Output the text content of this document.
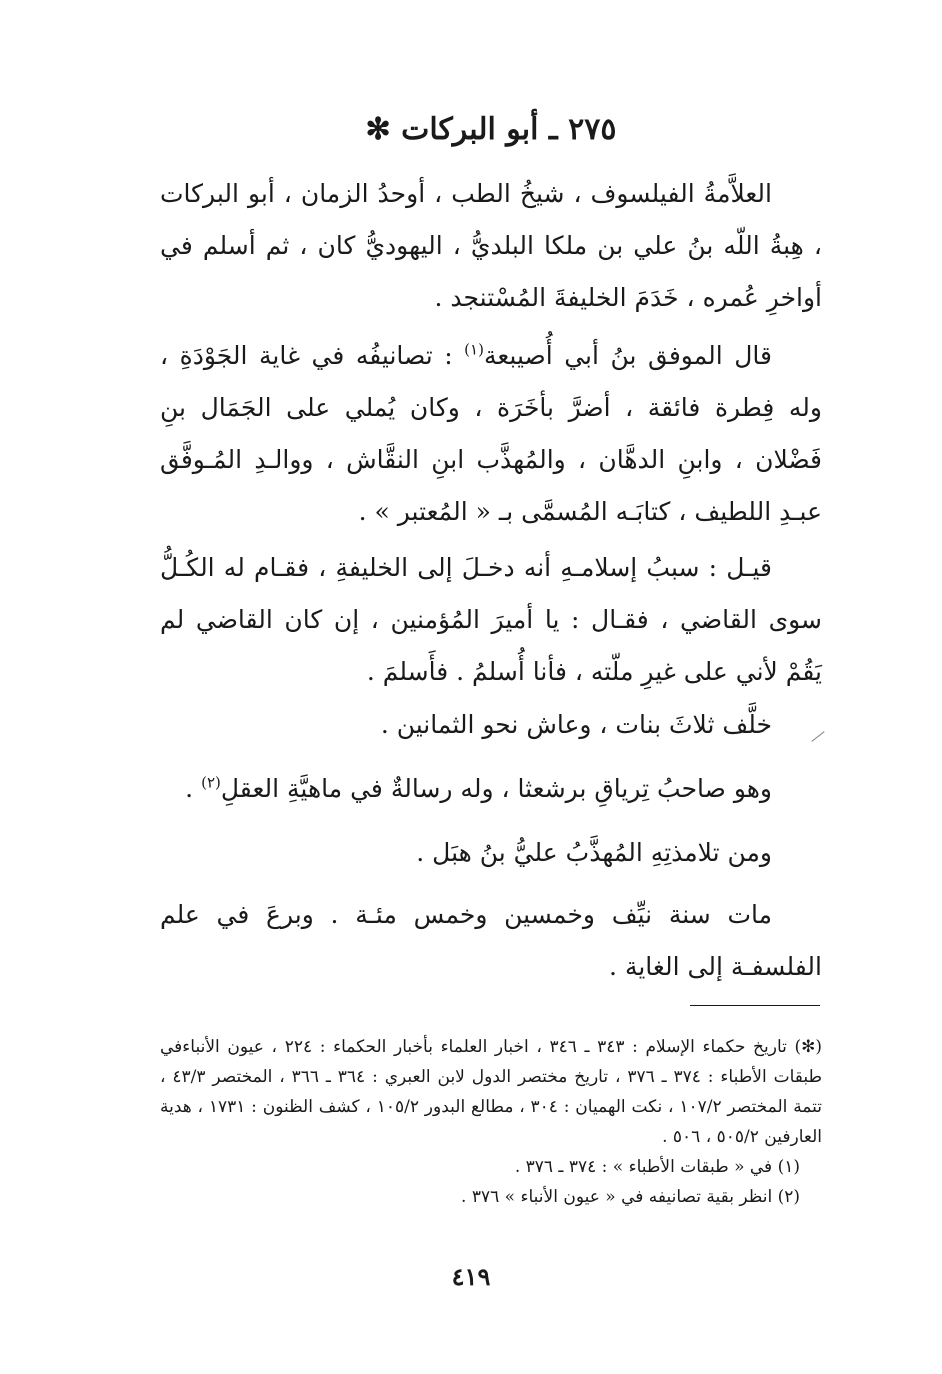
٢٧٥ ـ أبو البركات ✻

العلاَّمةُ الفيلسوف ، شيخُ الطب ، أوحدُ الزمان ، أبو البركات ، هِبةُ اللّه بنُ علي بن ملكا البلديُّ ، اليهوديُّ كان ، ثم أسلم في أواخرِ عُمره ، خَدَمَ الخليفةَ المُسْتنجد .

قال الموفق بنُ أبي أُصيبعة$^{(١)}$ : تصانيفُه في غاية الجَوْدَةِ ، وله فِطرة فائقة ، أضرَّ بأخَرَة ، وكان يُملي على الجَمَال بنِ فَضْلان ، وابنِ الدهَّان ، والمُهذَّب ابنِ النقَّاش ، ووالـدِ المُـوفَّق عبـدِ اللطيف ، كتابَـه المُسمَّى بـ « المُعتبر » .

قيـل : سببُ إسلامـهِ أنه دخـلَ إلى الخليفةِ ، فقـام له الكُـلُّ سوى القاضي ، فقـال : يا أميرَ المُؤمنين ، إن كان القاضي لم يَقُمْ لأني على غيرِ ملّته ، فأنا أُسلمُ . فأَسلمَ .

خلَّف ثلاثَ بنات ، وعاش نحو الثمانين .

وهو صاحبُ تِرياقِ برشعثا ، وله رسالةٌ في ماهيَّةِ العقلِ$^{(٢)}$ .

ومن تلامذتِهِ المُهذَّبُ عليُّ بنُ هبَل .

مات سنة نيِّف وخمسين وخمس مئـة . وبرعَ في علم الفلسفـة إلى الغاية .

(✻) تاريخ حكماء الإسلام : ٣٤٣ ـ ٣٤٦ ، اخبار العلماء بأخبار الحكماء : ٢٢٤ ، عيون الأنباءفي طبقات الأطباء : ٣٧٤ ـ ٣٧٦ ، تاريخ مختصر الدول لابن العبري : ٣٦٤ ـ ٣٦٦ ، المختصر ٤٣/٣ ، تتمة المختصر ١٠٧/٢ ، نكت الهميان : ٣٠٤ ، مطالع البدور ١٠٥/٢ ، كشف الظنون : ١٧٣١ ، هدية العارفين ٥٠٥/٢ ، ٥٠٦ .

(١) في « طبقات الأطباء » : ٣٧٤ ـ ٣٧٦ .

(٢) انظر بقية تصانيفه في « عيون الأنباء » ٣٧٦ .

٤١٩
